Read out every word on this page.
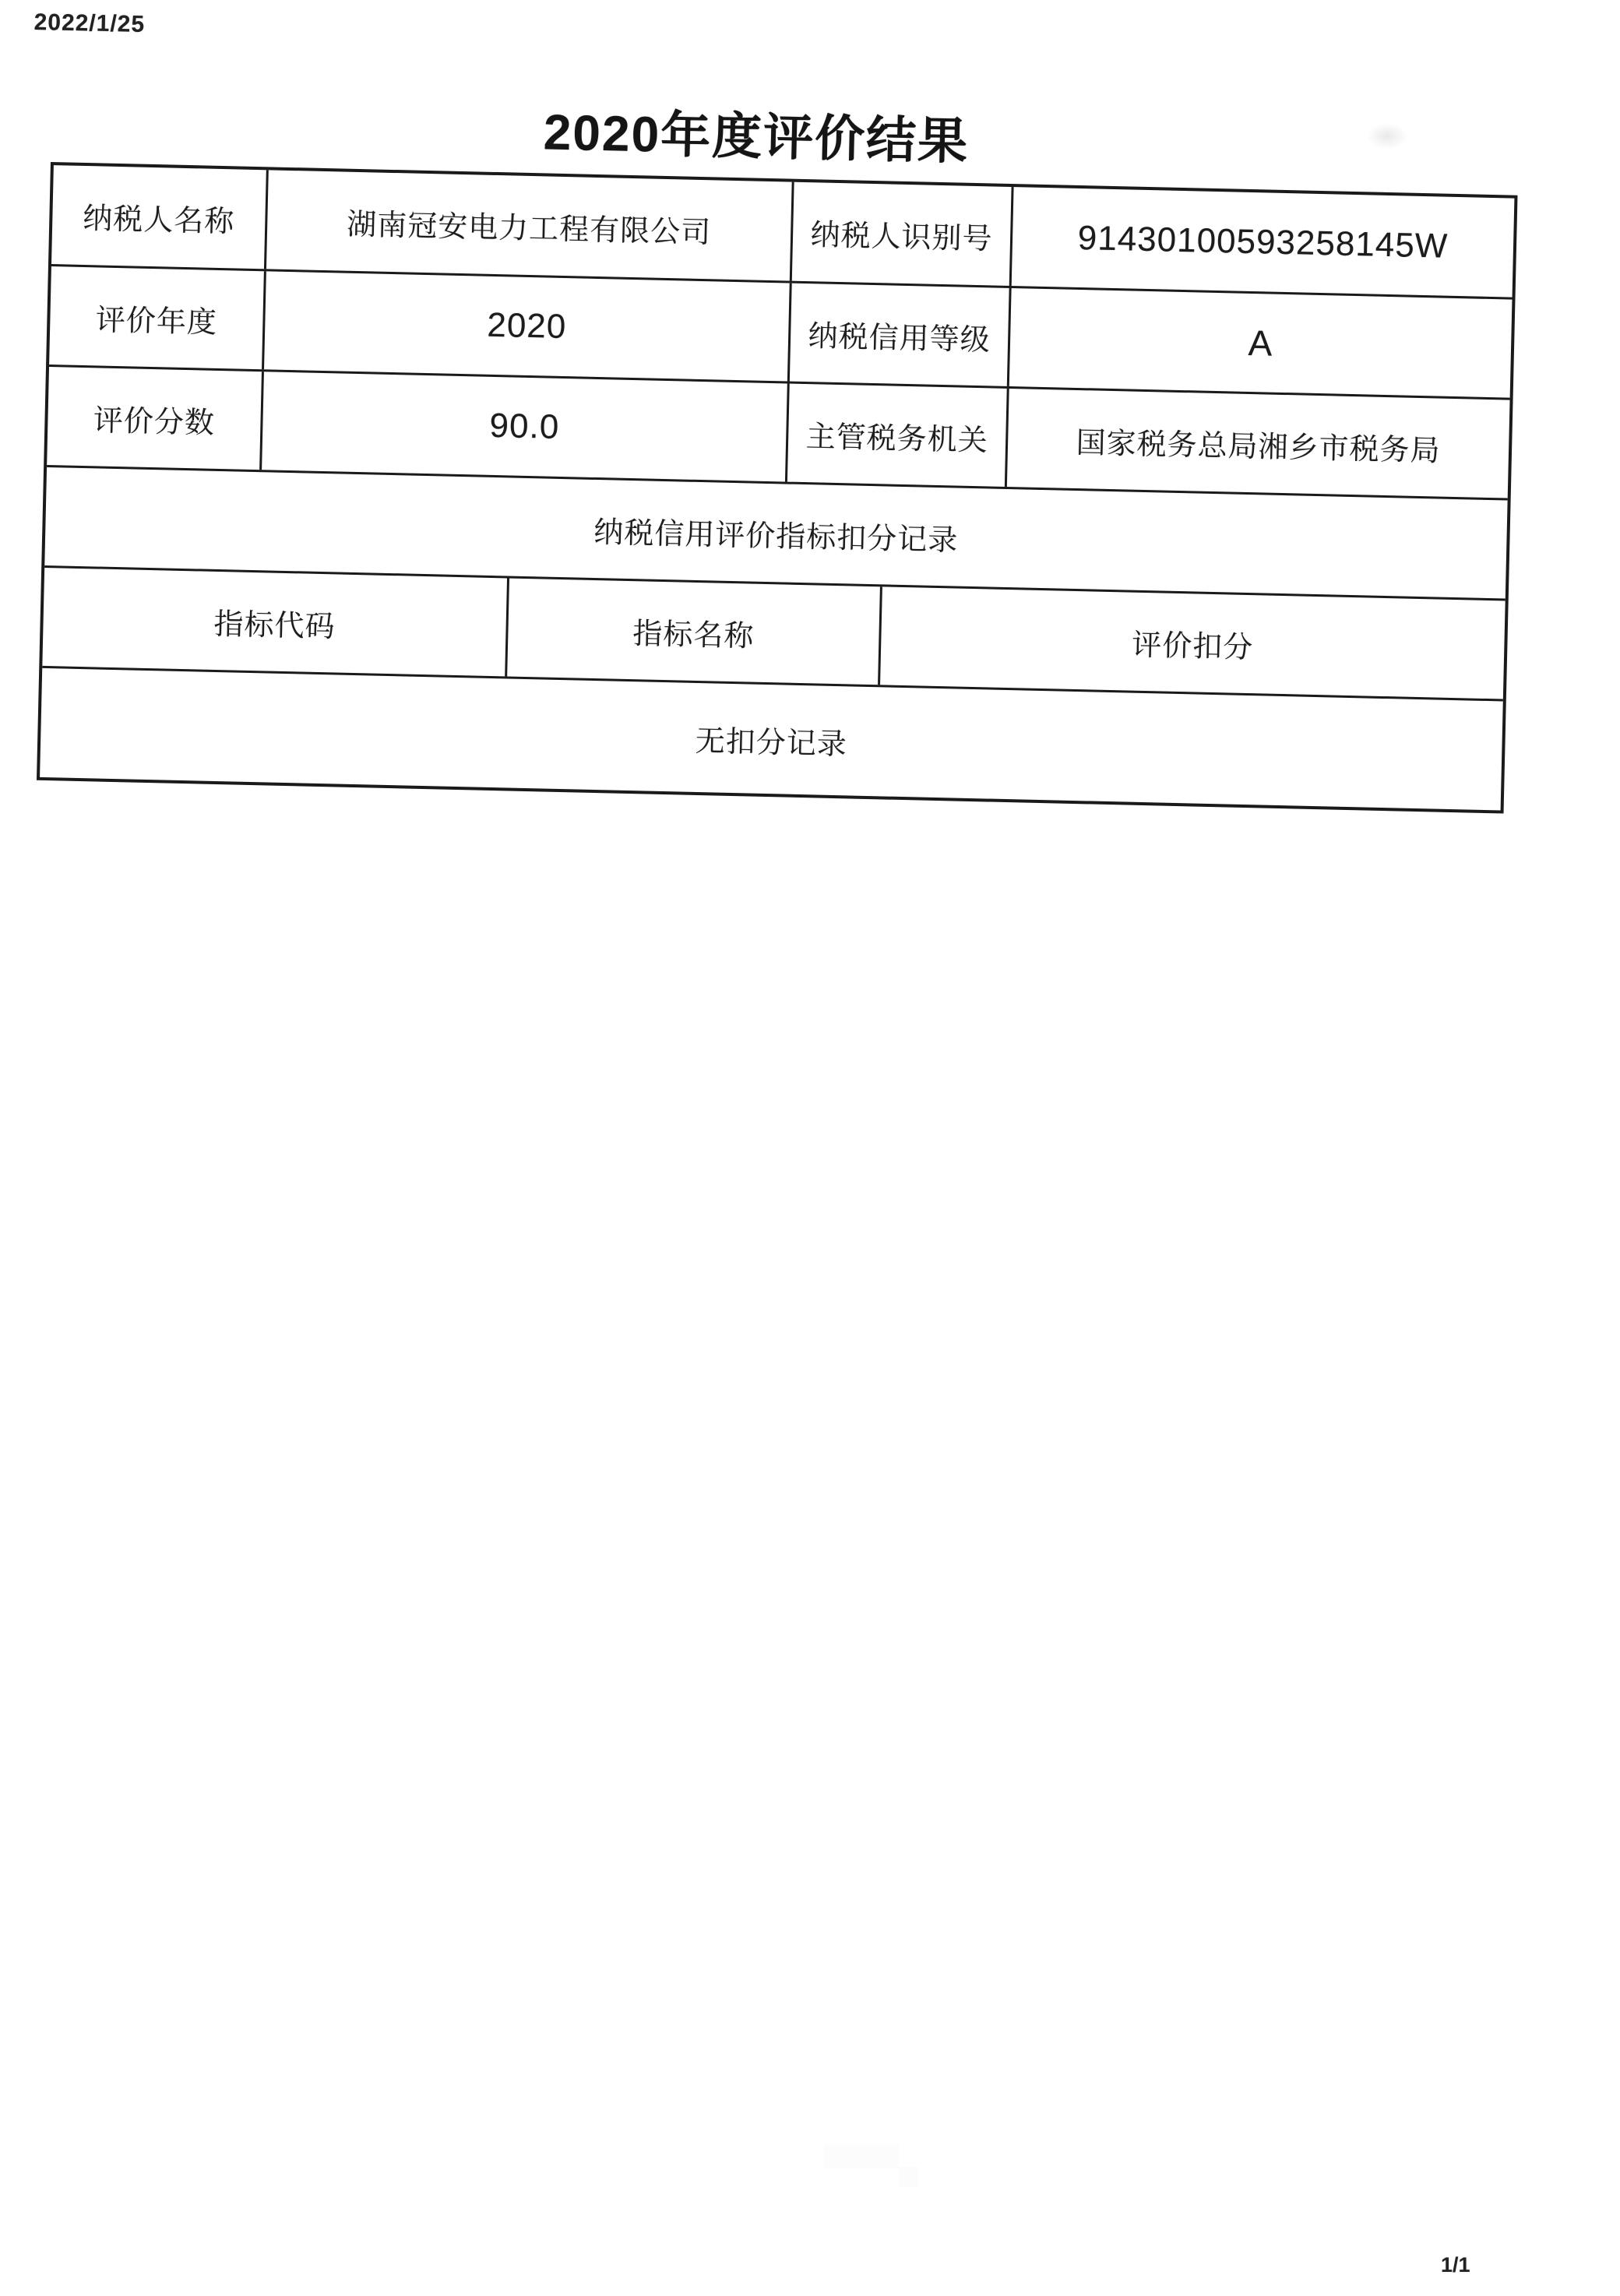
2022/1/25
2020年度评价结果
纳税人名称	湖南冠安电力工程有限公司	纳税人识别号	91430100593258145W
评价年度	2020	纳税信用等级	A
评价分数	90.0	主管税务机关	国家税务总局湘乡市税务局
纳税信用评价指标扣分记录
指标代码	指标名称	评价扣分
无扣分记录
1/1
